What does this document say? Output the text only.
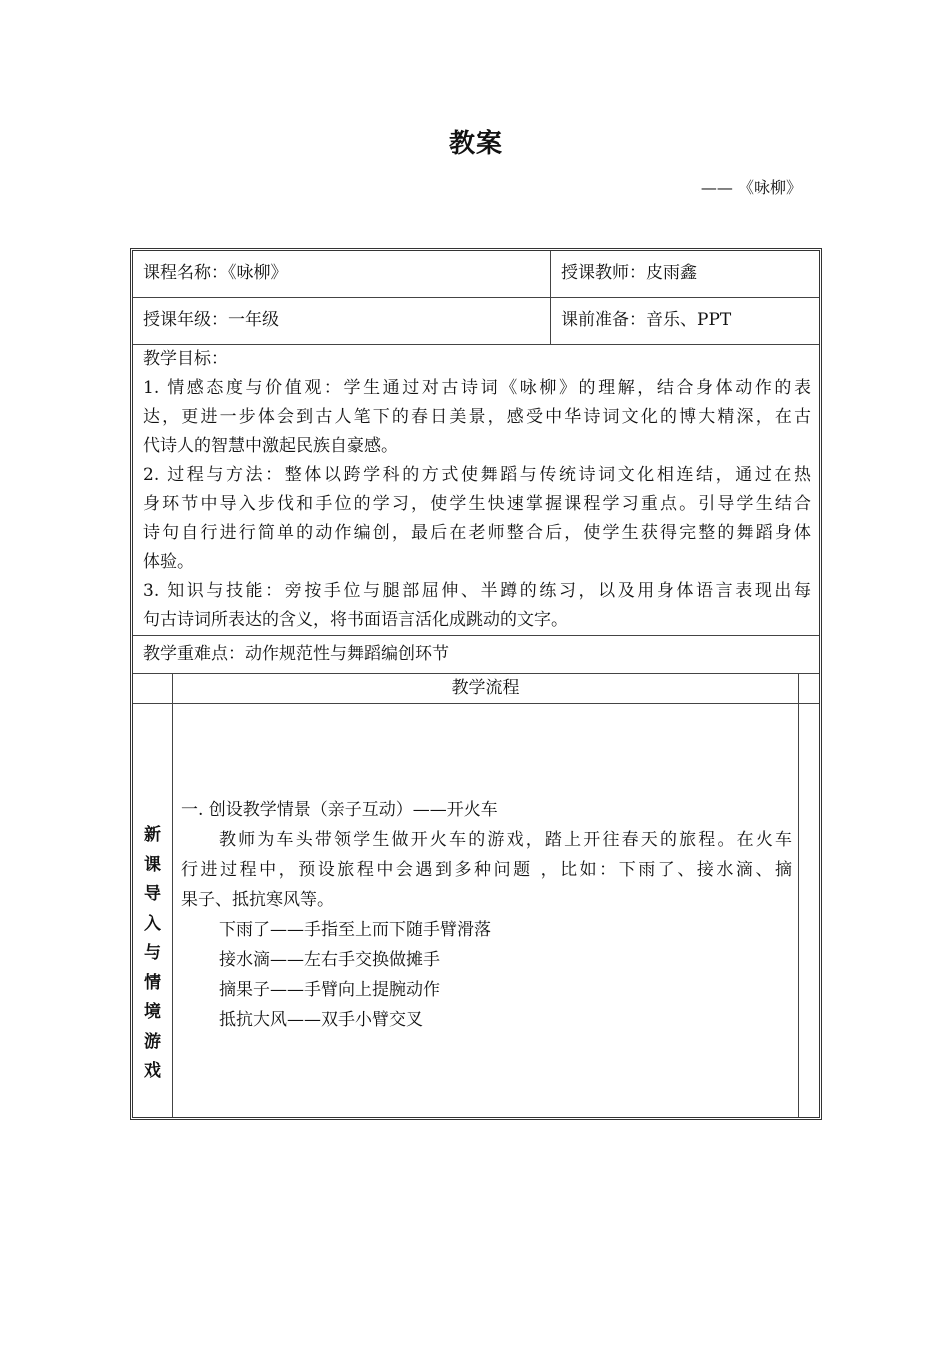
教案
—— 《咏柳》
课程名称：《咏柳》	授课教师：皮雨鑫
授课年级：一年级	课前准备：音乐、PPT
教学目标：
1. 情感态度与价值观：学生通过对古诗词《咏柳》的理解，结合身体动作的表
达，更进一步体会到古人笔下的春日美景，感受中华诗词文化的博大精深，在古
代诗人的智慧中激起民族自豪感。
2. 过程与方法：整体以跨学科的方式使舞蹈与传统诗词文化相连结，通过在热
身环节中导入步伐和手位的学习，使学生快速掌握课程学习重点。引导学生结合
诗句自行进行简单的动作编创，最后在老师整合后，使学生获得完整的舞蹈身体
体验。
3. 知识与技能：旁按手位与腿部屈伸、半蹲的练习，以及用身体语言表现出每
句古诗词所表达的含义，将书面语言活化成跳动的文字。
教学重难点：动作规范性与舞蹈编创环节
教学流程
新
课
导
入
与
情
境
游
戏
一. 创设教学情景（亲子互动）——开火车
教师为车头带领学生做开火车的游戏，踏上开往春天的旅程。在火车
行进过程中，预设旅程中会遇到多种问题 ，比如：下雨了、接水滴、摘
果子、抵抗寒风等。
下雨了——手指至上而下随手臂滑落
接水滴——左右手交换做摊手
摘果子——手臂向上提腕动作
抵抗大风——双手小臂交叉
